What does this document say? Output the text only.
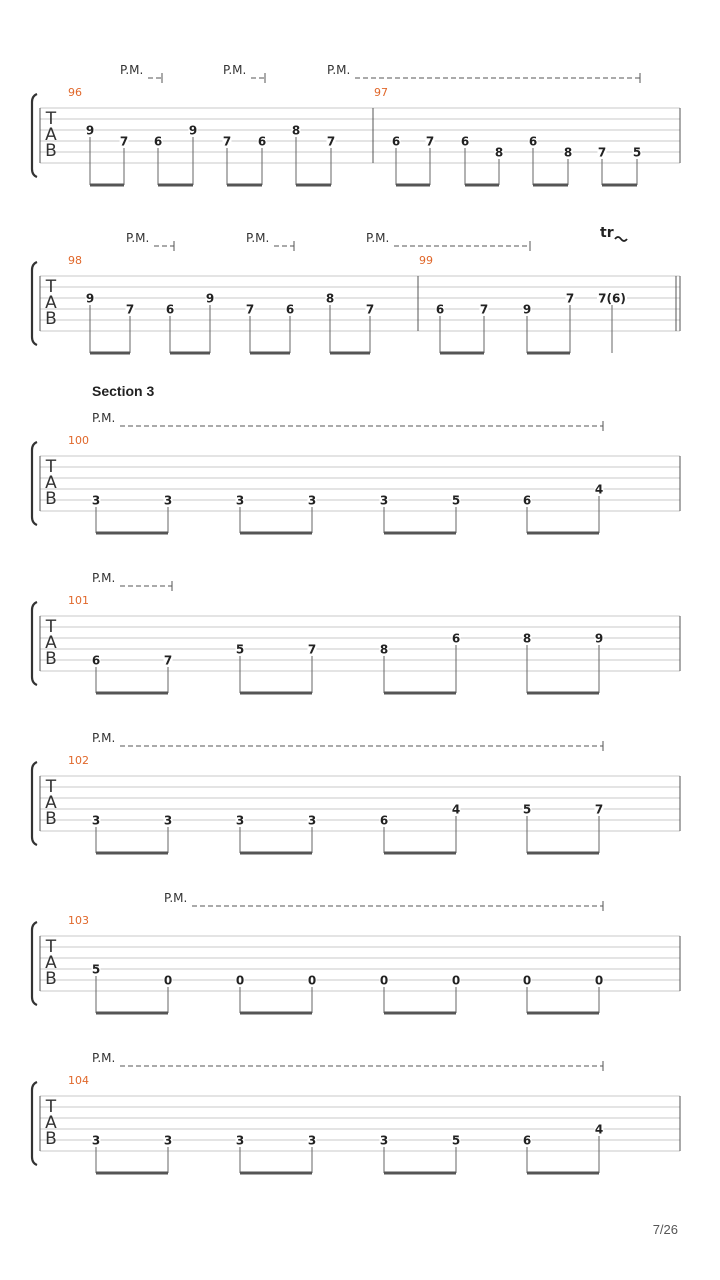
Section 3
T
A
B
P.M.	P.M.	P.M.
96
9
7 6
9
7 6
8
7
97
6 7 6
8
6
8 7 5
T
A
B
P.M.	P.M.	P.M.	tr
98
9
7	6
9
7	6
8
7
99
6	7	9
7 7(6)
T
A
B
P.M.
100
3	3	3	3	3	5	6
4
T
A
B
P.M.
101
6	7
5	7	8
6	8	9
T
A
B
P.M.
102
3	3	3	3	6
4	5	7
T
A
B
P.M.
103
5
0	0	0	0	0	0	0
T
A
B
P.M.
104
3	3	3	3	3	5	6
4
7/26
